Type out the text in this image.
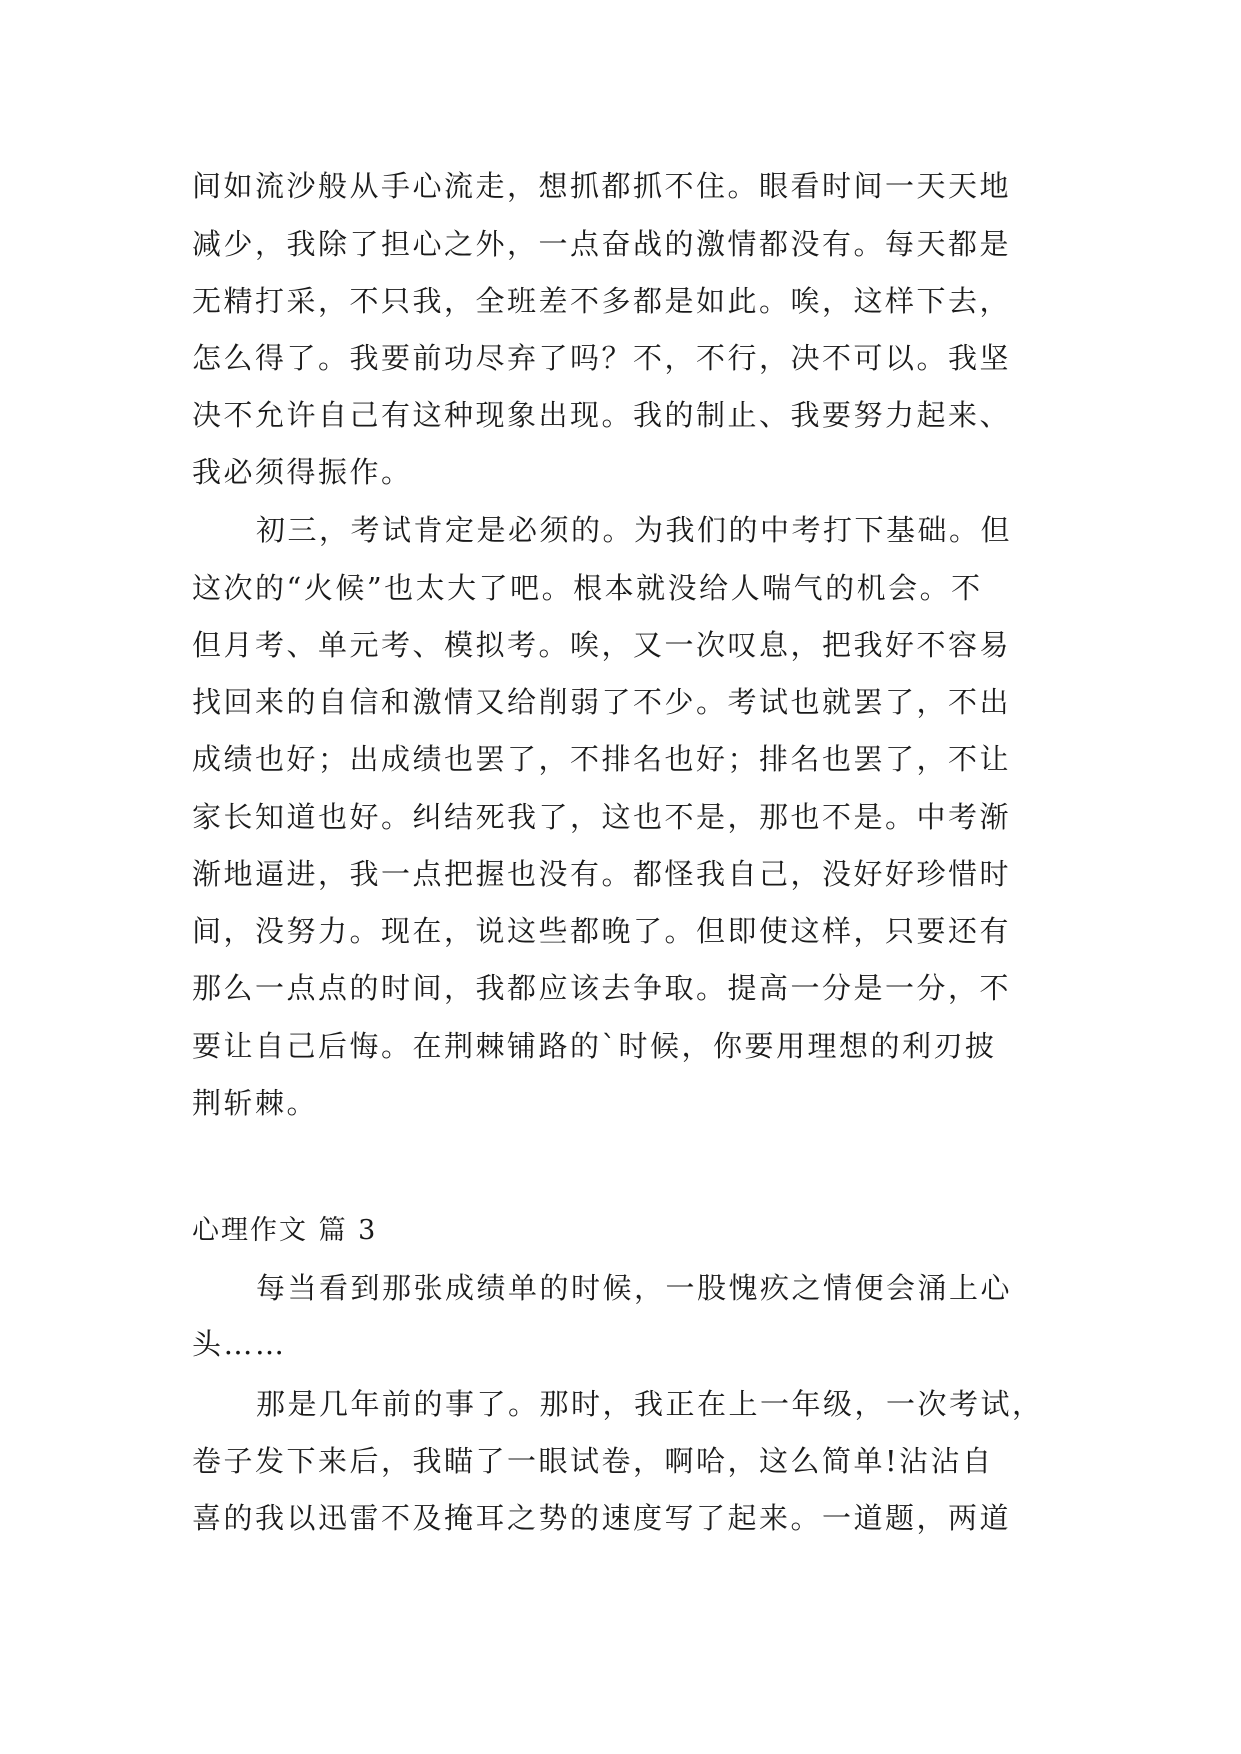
间如流沙般从手心流走，想抓都抓不住。眼看时间一天天地
减少，我除了担心之外，一点奋战的激情都没有。每天都是
无精打采，不只我，全班差不多都是如此。唉，这样下去，
怎么得了。我要前功尽弃了吗？不，不行，决不可以。我坚
决不允许自己有这种现象出现。我的制止、我要努力起来、
我必须得振作。
初三，考试肯定是必须的。为我们的中考打下基础。但
这次的“火候”也太大了吧。根本就没给人喘气的机会。不
但月考、单元考、模拟考。唉，又一次叹息，把我好不容易
找回来的自信和激情又给削弱了不少。考试也就罢了，不出
成绩也好；出成绩也罢了，不排名也好；排名也罢了，不让
家长知道也好。纠结死我了，这也不是，那也不是。中考渐
渐地逼进，我一点把握也没有。都怪我自己，没好好珍惜时
间，没努力。现在，说这些都晚了。但即使这样，只要还有
那么一点点的时间，我都应该去争取。提高一分是一分，不
要让自己后悔。在荆棘铺路的`时候，你要用理想的利刃披
荆斩棘。
心理作文 篇 3
每当看到那张成绩单的时候，一股愧疚之情便会涌上心
头……
那是几年前的事了。那时，我正在上一年级，一次考试，
卷子发下来后，我瞄了一眼试卷，啊哈，这么简单!沾沾自
喜的我以迅雷不及掩耳之势的速度写了起来。一道题，两道
